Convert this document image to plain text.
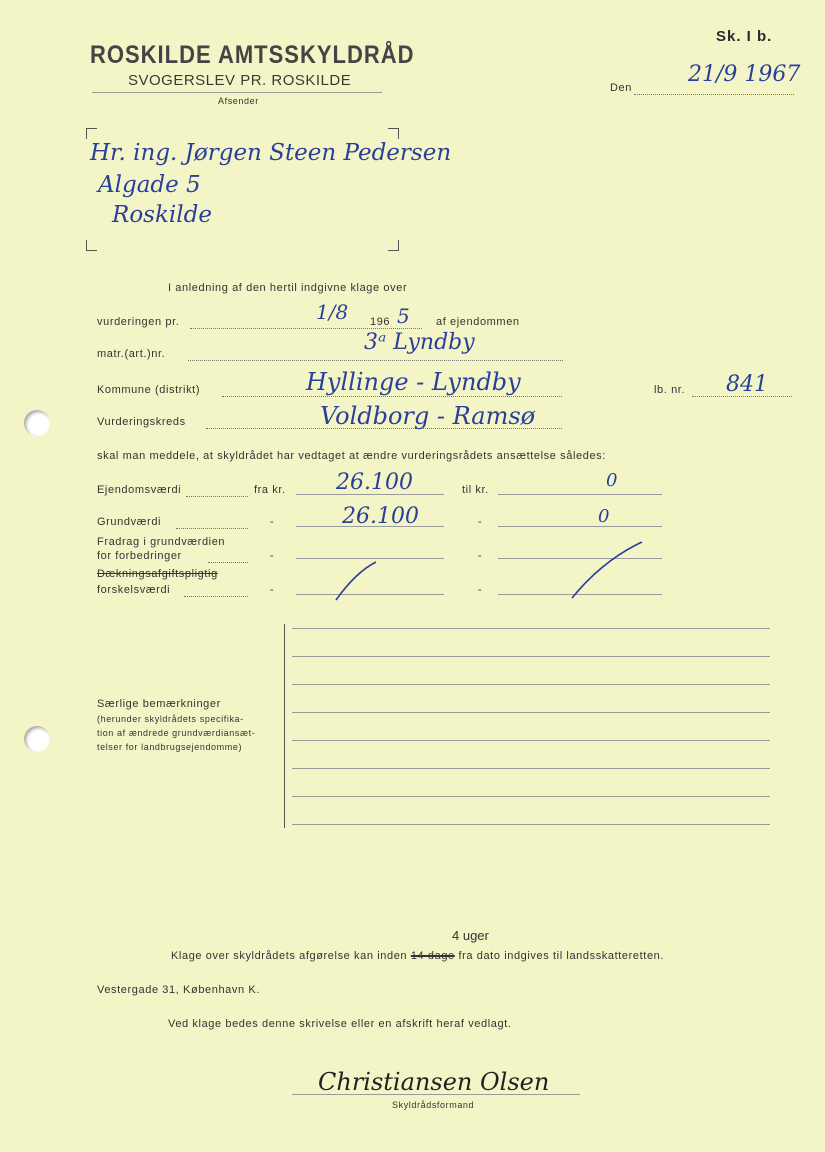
Sk. I b.
ROSKILDE AMTSSKYLDRÅD
SVOGERSLEV PR. ROSKILDE
Afsender
Den
21/9 1967
Hr. ing. Jørgen Steen Pedersen
Algade 5
Roskilde
I anledning af den hertil indgivne klage over
vurderingen pr.	1/8 196 5 af ejendommen
matr.(art.)nr.	3ᵃ Lyndby
Kommune (distrikt)	Hyllinge - Lyndby	lb. nr. 841
Vurderingskreds	Voldborg - Ramsø
skal man meddele, at skyldrådet har vedtaget at ændre vurderingsrådets ansættelse således:
Ejendomsværdi	fra kr. 26.100	til kr.	0
Grundværdi	-	26.100	-	0
Fradrag i grundværdien
for forbedringer	-	-
Dækningsafgiftspligtig
forskelsværdi	-	-
Særlige bemærkninger
(herunder skyldrådets specifika-
tion af ændrede grundværdiansæt-
telser for landbrugsejendomme)
4 uger
Klage over skyldrådets afgørelse kan inden 14 dage fra dato indgives til landsskatteretten.
Vestergade 31, København K.
Ved klage bedes denne skrivelse eller en afskrift heraf vedlagt.
Christiansen Olsen
Skyldrådsformand
